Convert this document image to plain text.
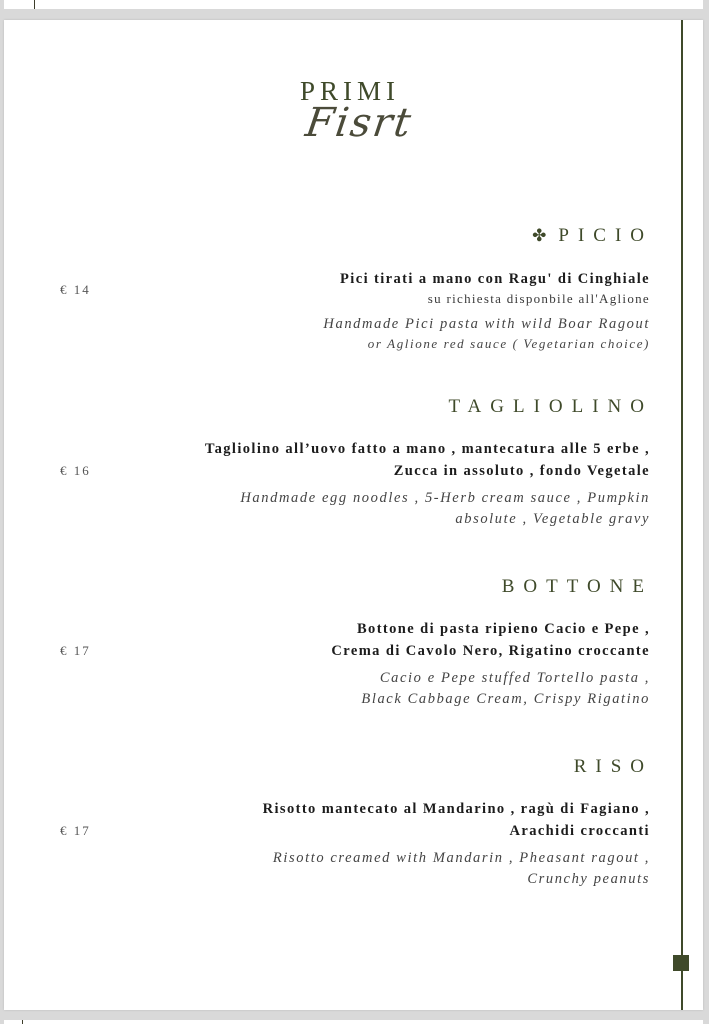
PRIMI
Fisrt
✤ PICIO
€ 14
Pici tirati a mano con Ragu' di Cinghiale
su richiesta disponbile all'Aglione
Handmade Pici pasta with wild Boar Ragout
or Aglione red sauce ( Vegetarian choice)
TAGLIOLINO
€ 16
Tagliolino all’uovo fatto a mano , mantecatura alle 5 erbe ,
Zucca in assoluto , fondo Vegetale
Handmade egg noodles , 5-Herb cream sauce , Pumpkin
absolute , Vegetable gravy
BOTTONE
€ 17
Bottone di pasta ripieno Cacio e Pepe ,
Crema di Cavolo Nero, Rigatino croccante
Cacio e Pepe stuffed Tortello pasta ,
Black Cabbage Cream, Crispy Rigatino
RISO
€ 17
Risotto mantecato al Mandarino , ragù di Fagiano ,
Arachidi croccanti
Risotto creamed with Mandarin , Pheasant ragout ,
Crunchy peanuts
